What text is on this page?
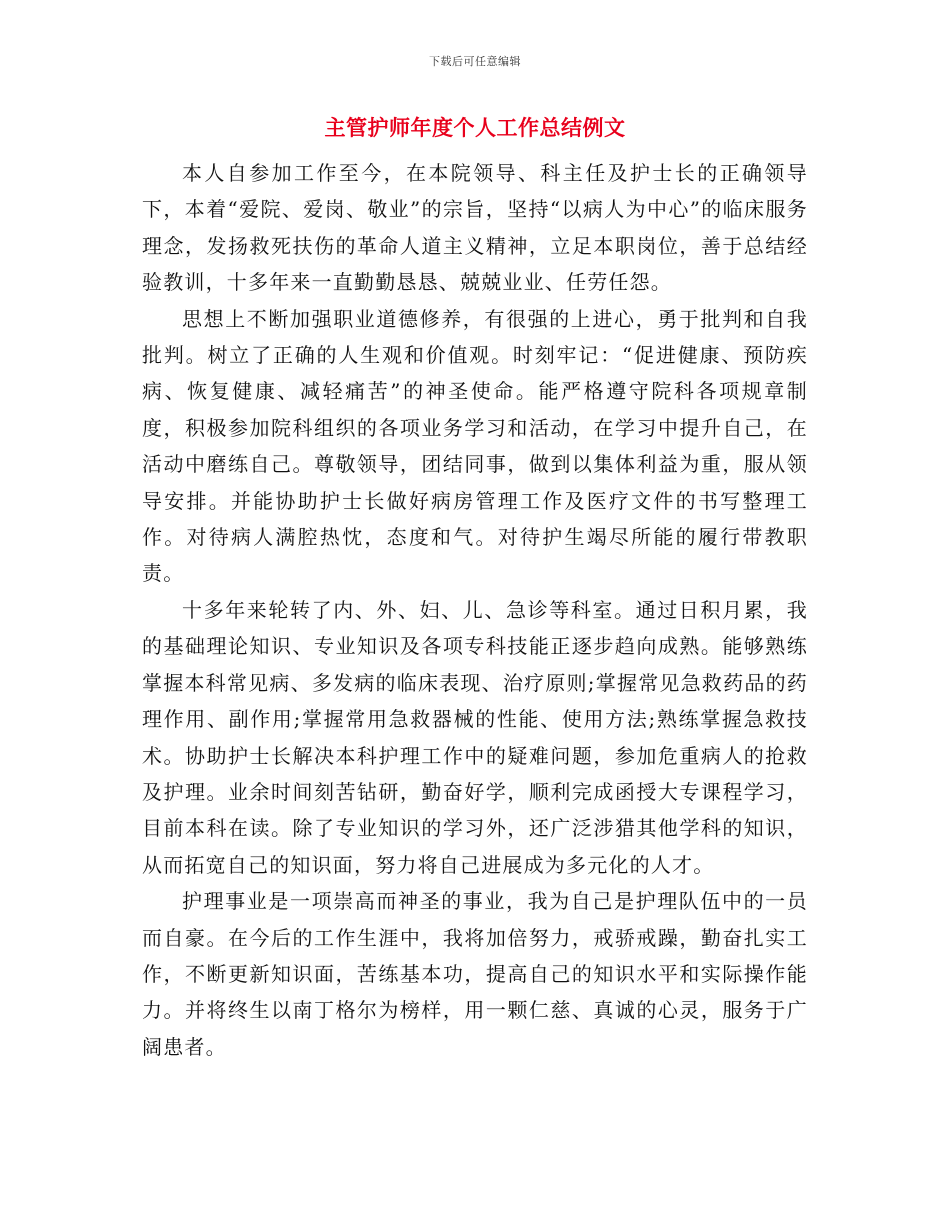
下载后可任意编辑
主管护师年度个人工作总结例文

本人自参加工作至今，在本院领导、科主任及护士长的正确领导下，本着“爱院、爱岗、敬业”的宗旨，坚持“以病人为中心”的临床服务理念，发扬救死扶伤的革命人道主义精神，立足本职岗位，善于总结经验教训，十多年来一直勤勤恳恳、兢兢业业、任劳任怨。

思想上不断加强职业道德修养，有很强的上进心，勇于批判和自我批判。树立了正确的人生观和价值观。时刻牢记：“促进健康、预防疾病、恢复健康、减轻痛苦”的神圣使命。能严格遵守院科各项规章制度，积极参加院科组织的各项业务学习和活动，在学习中提升自己，在活动中磨练自己。尊敬领导，团结同事，做到以集体利益为重，服从领导安排。并能协助护士长做好病房管理工作及医疗文件的书写整理工作。对待病人满腔热忱，态度和气。对待护生竭尽所能的履行带教职责。

十多年来轮转了内、外、妇、儿、急诊等科室。通过日积月累，我的基础理论知识、专业知识及各项专科技能正逐步趋向成熟。能够熟练掌握本科常见病、多发病的临床表现、治疗原则;掌握常见急救药品的药理作用、副作用;掌握常用急救器械的性能、使用方法;熟练掌握急救技术。协助护士长解决本科护理工作中的疑难问题，参加危重病人的抢救及护理。业余时间刻苦钻研，勤奋好学，顺利完成函授大专课程学习，目前本科在读。除了专业知识的学习外，还广泛涉猎其他学科的知识，从而拓宽自己的知识面，努力将自己进展成为多元化的人才。

护理事业是一项崇高而神圣的事业，我为自己是护理队伍中的一员而自豪。在今后的工作生涯中，我将加倍努力，戒骄戒躁，勤奋扎实工作，不断更新知识面，苦练基本功，提高自己的知识水平和实际操作能力。并将终生以南丁格尔为榜样，用一颗仁慈、真诚的心灵，服务于广阔患者。
